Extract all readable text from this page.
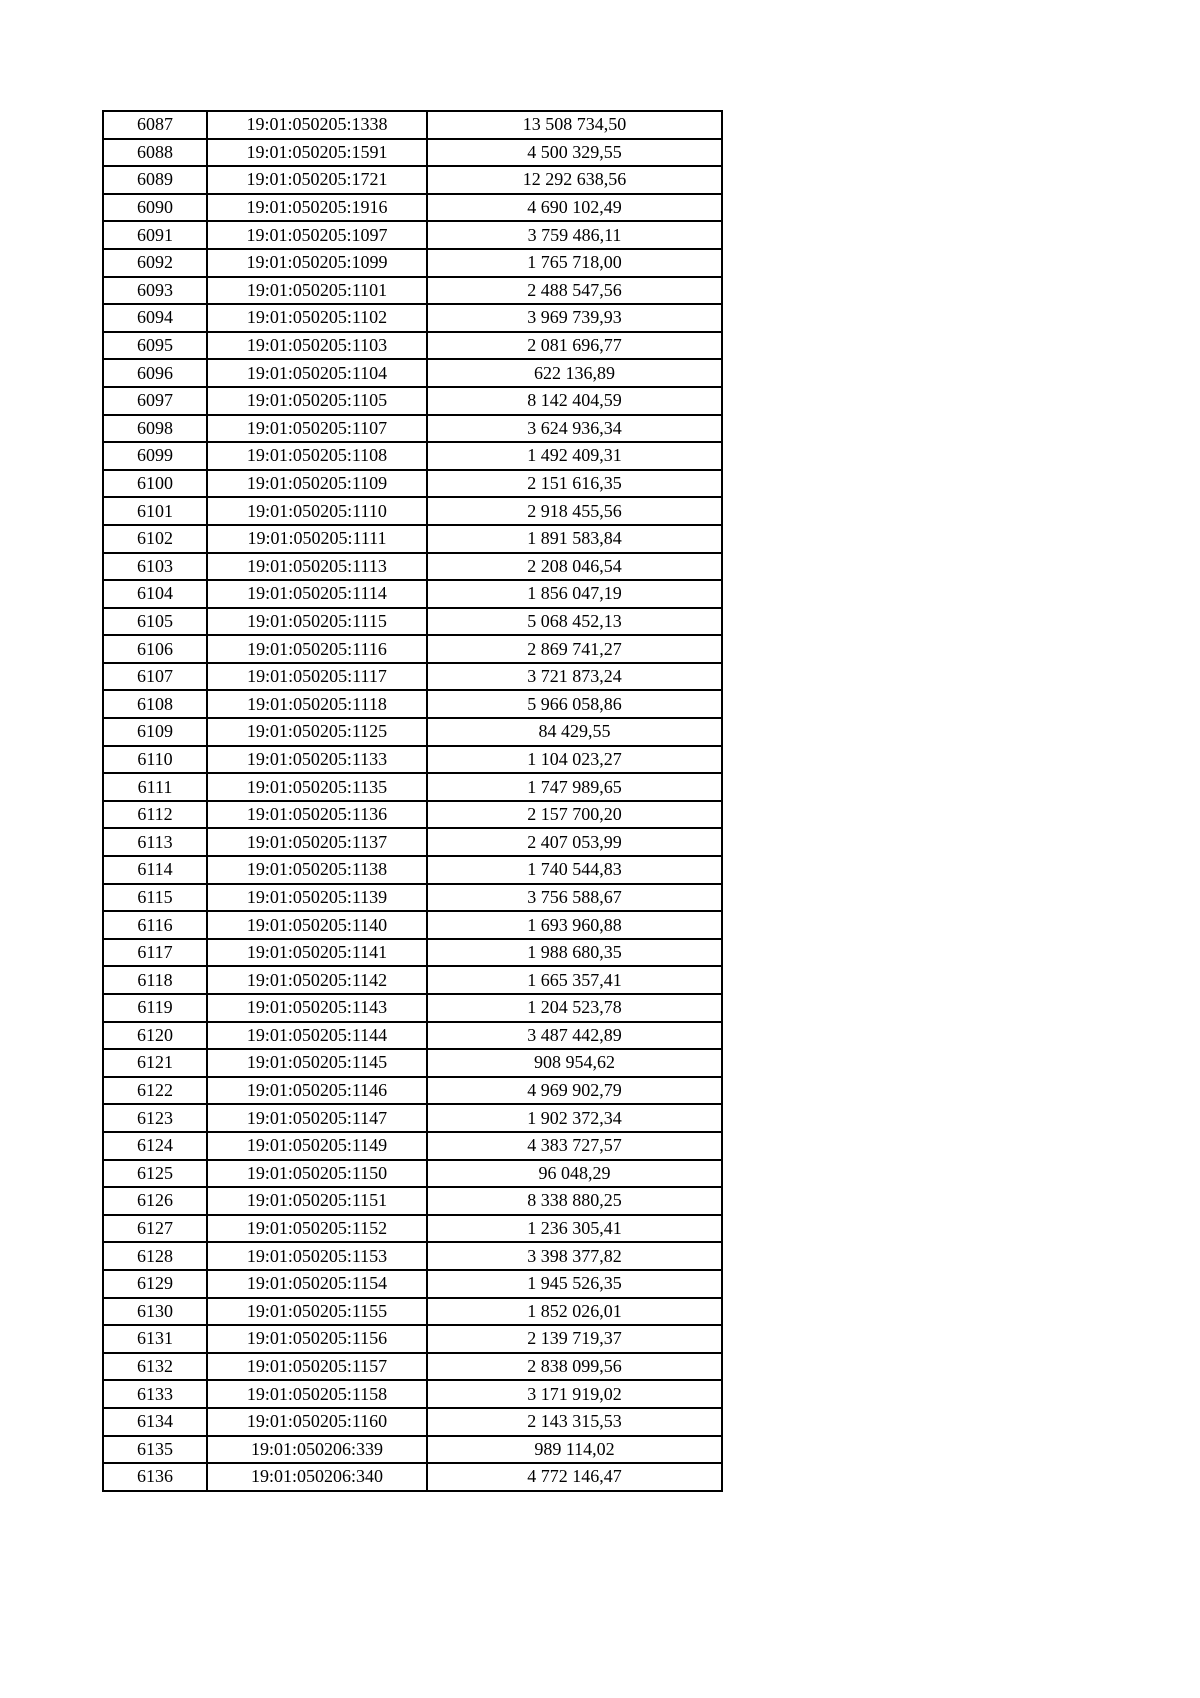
6087	19:01:050205:1338	13 508 734,50
6088	19:01:050205:1591	4 500 329,55
6089	19:01:050205:1721	12 292 638,56
6090	19:01:050205:1916	4 690 102,49
6091	19:01:050205:1097	3 759 486,11
6092	19:01:050205:1099	1 765 718,00
6093	19:01:050205:1101	2 488 547,56
6094	19:01:050205:1102	3 969 739,93
6095	19:01:050205:1103	2 081 696,77
6096	19:01:050205:1104	622 136,89
6097	19:01:050205:1105	8 142 404,59
6098	19:01:050205:1107	3 624 936,34
6099	19:01:050205:1108	1 492 409,31
6100	19:01:050205:1109	2 151 616,35
6101	19:01:050205:1110	2 918 455,56
6102	19:01:050205:1111	1 891 583,84
6103	19:01:050205:1113	2 208 046,54
6104	19:01:050205:1114	1 856 047,19
6105	19:01:050205:1115	5 068 452,13
6106	19:01:050205:1116	2 869 741,27
6107	19:01:050205:1117	3 721 873,24
6108	19:01:050205:1118	5 966 058,86
6109	19:01:050205:1125	84 429,55
6110	19:01:050205:1133	1 104 023,27
6111	19:01:050205:1135	1 747 989,65
6112	19:01:050205:1136	2 157 700,20
6113	19:01:050205:1137	2 407 053,99
6114	19:01:050205:1138	1 740 544,83
6115	19:01:050205:1139	3 756 588,67
6116	19:01:050205:1140	1 693 960,88
6117	19:01:050205:1141	1 988 680,35
6118	19:01:050205:1142	1 665 357,41
6119	19:01:050205:1143	1 204 523,78
6120	19:01:050205:1144	3 487 442,89
6121	19:01:050205:1145	908 954,62
6122	19:01:050205:1146	4 969 902,79
6123	19:01:050205:1147	1 902 372,34
6124	19:01:050205:1149	4 383 727,57
6125	19:01:050205:1150	96 048,29
6126	19:01:050205:1151	8 338 880,25
6127	19:01:050205:1152	1 236 305,41
6128	19:01:050205:1153	3 398 377,82
6129	19:01:050205:1154	1 945 526,35
6130	19:01:050205:1155	1 852 026,01
6131	19:01:050205:1156	2 139 719,37
6132	19:01:050205:1157	2 838 099,56
6133	19:01:050205:1158	3 171 919,02
6134	19:01:050205:1160	2 143 315,53
6135	19:01:050206:339	989 114,02
6136	19:01:050206:340	4 772 146,47
